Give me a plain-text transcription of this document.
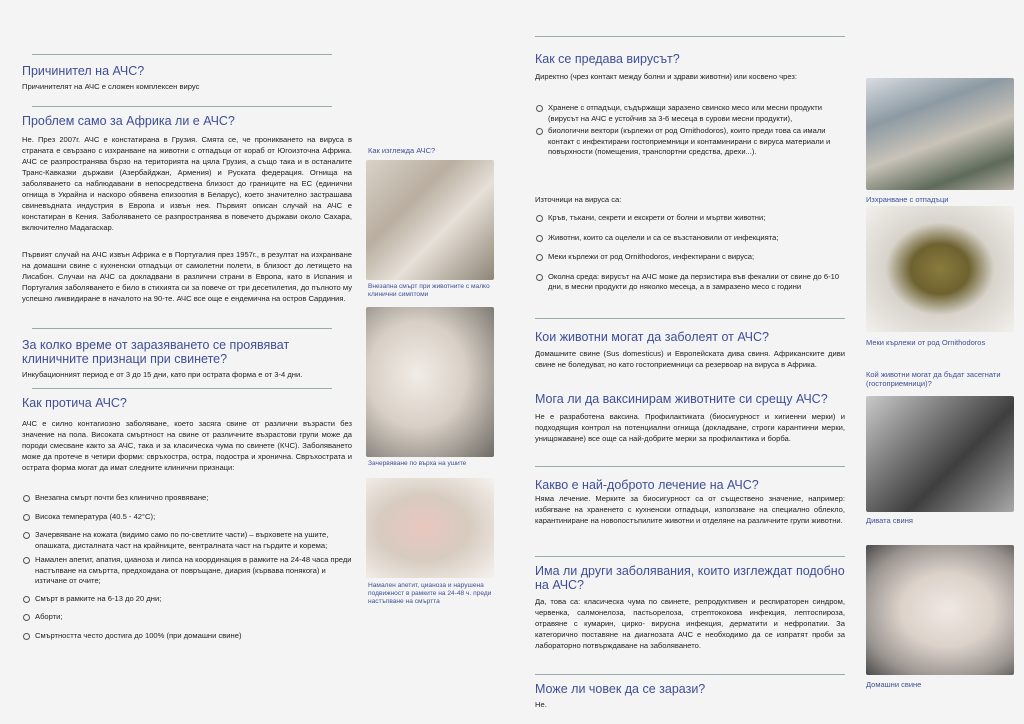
Причинител на АЧС?

Причинителят на АЧС е сложен комплексен вирус

Проблем само за Африка ли е АЧС?

Не. През 2007г. АЧС е констатирана в Грузия. Смята се, че проникването на вируса в страната е свързано с изхранване на животни с отпадъци от кораб от Югоизточна Африка. АЧС се разпространява бързо на територията на цяла Грузия, а също така и в останалите Транс-Кавказки държави (Азербайджан, Армения) и Руската федерация. Огнища на заболяването са наблюдавани в непосредствена близост до границите на ЕС (единични огнища в Украйна и наскоро обявена епизоотия в Беларус), което значително застрашава свиневъдната индустрия в Европа и извън нея. Първият описан случай на АЧС е констатиран в Кения. Заболяването се разпространява в повечето държави около Сахара, включително Мадагаскар.

Първият случай на АЧС извън Африка е в Португалия през 1957г., в резултат на изхранване на домашни свине с кухненски отпадъци от самолетни полети, в близост до летището на Лисабон. Случаи на АЧС са докладвани в различни страни в Европа, като в Испания и Португалия заболяването е било в стихията си за повече от три десетилетия, до пълното му успешно ликвидиране в началото на 90-те. АЧС все още е ендемична на остров Сардиния.

За колко време от заразяването се проявяват клиничните признаци при свинете?

Инкубационният период е от 3 до 15 дни, като при острата форма е от 3-4 дни.

Как протича АЧС?

АЧС е силно контагиозно заболяване, което засяга свине от различни възрасти без значение на пола. Високата смъртност на свине от различните възрастови групи може да породи смесване както за АЧС, така и за класическа чума по свинете (КЧС). Заболяването може да протече в четири форми: свръхостра, остра, подостра и хронична. Свръхострата и острата форма могат да имат следните клинични признаци:

Внезапна смърт почти без клинично проявяване;
Висока температура (40.5 - 42°C);
Зачервяване на кожата (видимо само по по-светлите части) – върховете на ушите, опашката, дисталната част на крайниците, вентралната част на гърдите и корема;
Намален апетит, апатия, цианоза и липса на координация в рамките на 24-48 часа преди настъпване на смъртта, предхождана от повръщане, диария (кървава понякога) и изтичане от очите;
Смърт в рамките на 6-13 до 20 дни;
Аборти;
Смъртността често достига до 100% (при домашни свине)
Как изглежда АЧС?
Внезапна смърт при животните с малко клинични симптоми
Зачервяване по върха на ушите
Намален апетит, цианоза и нарушена подвижност в рамките на 24-48 ч. преди настъпване на смъртта
Как се предава вирусът?

Директно (чрез контакт между болни и здрави животни) или косвено чрез:

Хранене с отпадъци, съдържащи заразено свинско месо или месни продукти (вирусът на АЧС е устойчив за 3-6 месеца в сурови месни продукти),
биологични вектори (кърлежи от род Ornithodoros), които преди това са имали контакт с инфектирани гостоприемници и контаминирани с вируса материали и повърхности (помещения, транспортни средства, дрехи...).
Източници на вируса са:
Кръв, тъкани, секрети и екскрети от болни и мъртви животни;
Животни, които са оцелели и са се възстановили от инфекцията;
Меки кърлежи от род Ornithodoros, инфектирани с вируса;
Околна среда: вирусът на АЧС може да перзистира във фекалии от свине до 6-10 дни, в месни продукти до няколко месеца, а в замразено месо с години
Кои животни могат да заболеят от АЧС?

Домашните свине (Sus domesticus) и Европейската дива свиня. Африканските диви свине не боледуват, но като гостоприемници са резервоар на вируса в Африка.

Мога ли да ваксинирам животните си срещу АЧС?

Не е разработена ваксина. Профилактиката (биосигурност и хигиенни мерки) и подходящия контрол на потенциални огнища (докладване, строги карантинни мерки, унищожаване) все още са най-добрите мерки за профилактика и борба.

Какво е най-доброто лечение на АЧС?

Няма лечение. Мерките за биосигурност са от съществено значение, например: избягване на храненето с кухненски отпадъци, използване на специално облекло, карантиниране на новопостъпилите животни и отделяне на различните групи животни.

Има ли други заболявания, които изглеждат подобно на АЧС?

Да, това са: класическа чума по свинете, репродуктивен и респираторен синдром, червенка, салмонелоза, пастьорелоза, стрептококова инфекция, лептоспироза, отравяне с кумарин, цирко- вирусна инфекция, дерматити и нефропатии. За категорично поставяне на диагнозата АЧС е необходимо да се изпратят проби за лабораторно потвърждаване на заболяването.

Може ли човек да се зарази?

Не.

Изхранване с отпадъци
Меки кърлежи от род Ornithodoros
Кой животни могат да бъдат засегнати (гостоприемници)?
Дивата свиня
Домашни свине
